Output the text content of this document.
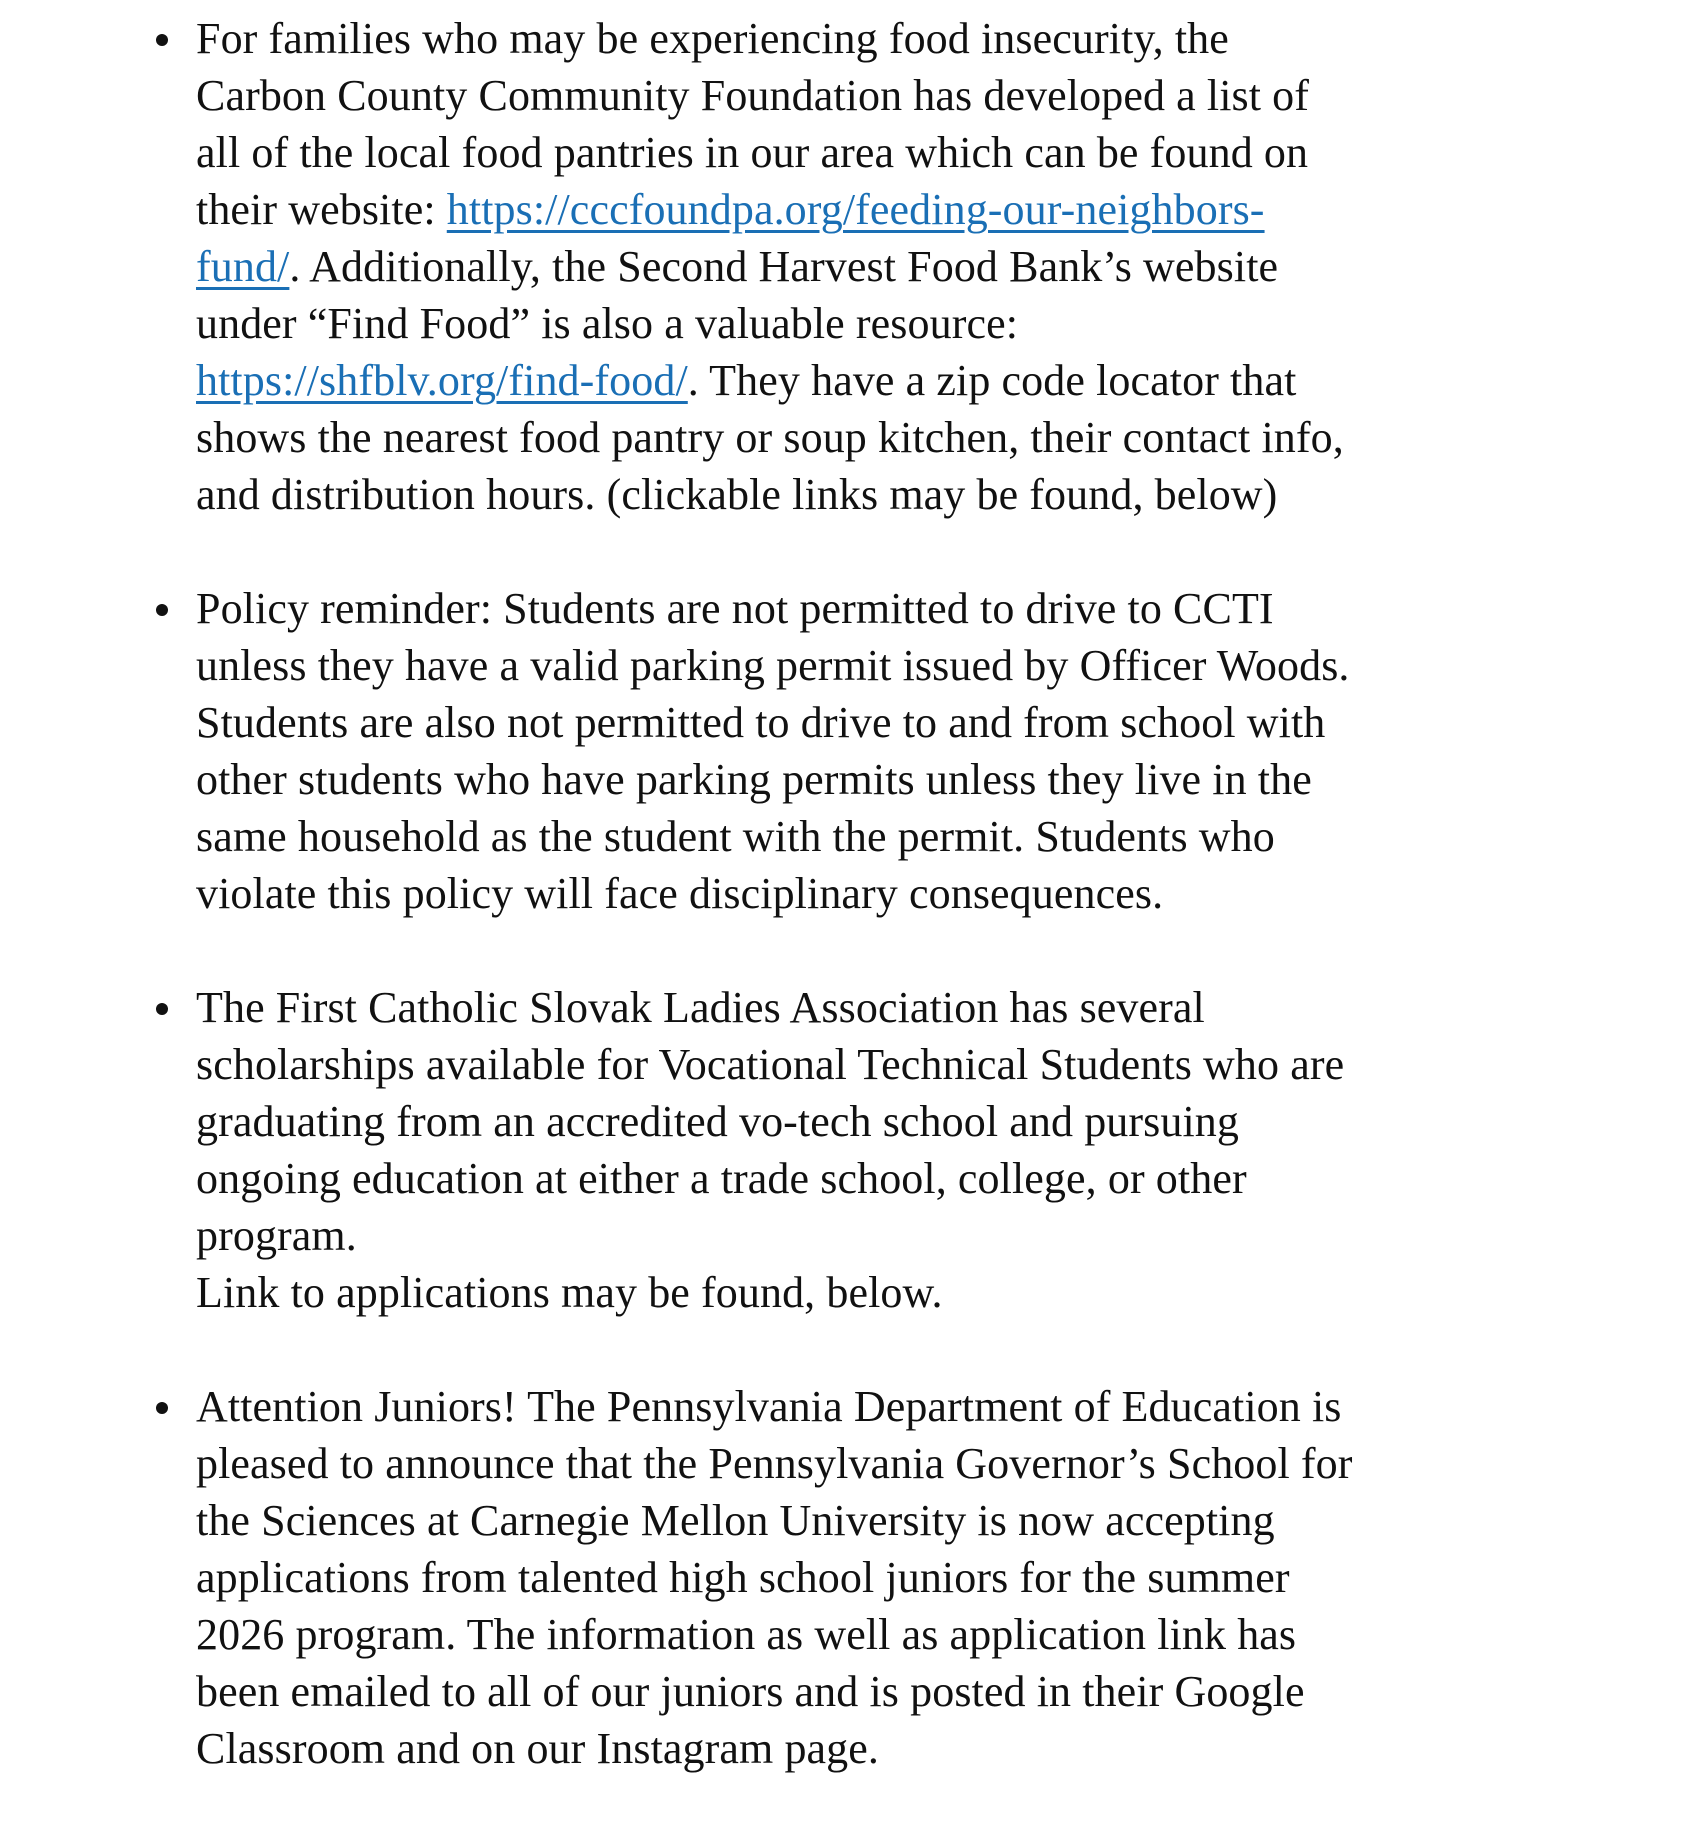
For families who may be experiencing food insecurity, the
Carbon County Community Foundation has developed a list of
all of the local food pantries in our area which can be found on
their website: https://cccfoundpa.org/feeding-our-neighbors-
fund/. Additionally, the Second Harvest Food Bank’s website
under “Find Food” is also a valuable resource:
https://shfblv.org/find-food/. They have a zip code locator that
shows the nearest food pantry or soup kitchen, their contact info,
and distribution hours. (clickable links may be found, below)
Policy reminder: Students are not permitted to drive to CCTI
unless they have a valid parking permit issued by Officer Woods.
Students are also not permitted to drive to and from school with
other students who have parking permits unless they live in the
same household as the student with the permit. Students who
violate this policy will face disciplinary consequences.
The First Catholic Slovak Ladies Association has several
scholarships available for Vocational Technical Students who are
graduating from an accredited vo-tech school and pursuing
ongoing education at either a trade school, college, or other
program.
Link to applications may be found, below.
Attention Juniors! The Pennsylvania Department of Education is
pleased to announce that the Pennsylvania Governor’s School for
the Sciences at Carnegie Mellon University is now accepting
applications from talented high school juniors for the summer
2026 program. The information as well as application link has
been emailed to all of our juniors and is posted in their Google
Classroom and on our Instagram page.
